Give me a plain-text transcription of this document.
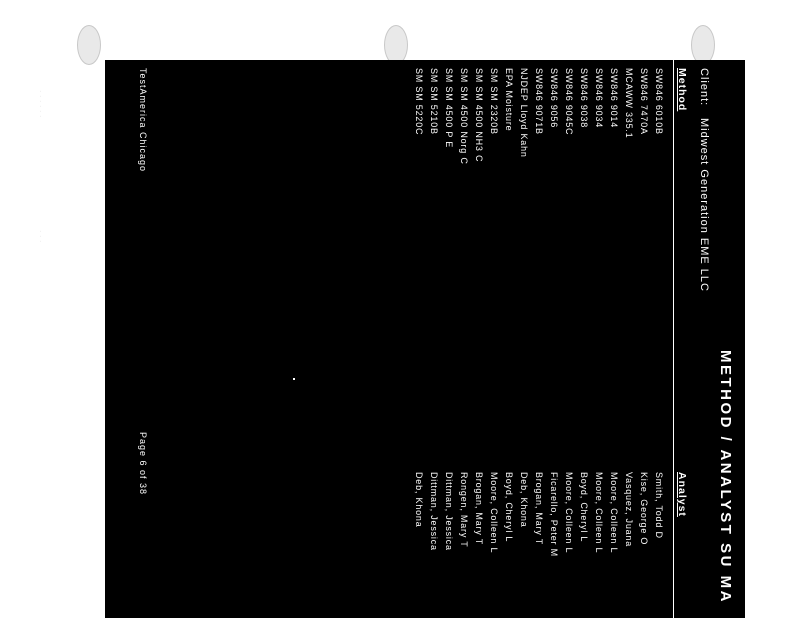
. . . . . .
. . .
METHOD / ANALYST SU MA
Client:
Midwest Generation EME LLC
Method
Analyst
SW846 6010B
Smith, Todd D
SW846 7470A
Kise, George O
MCAWW 335.1
Vasquez, Juana
SW846 9014
Moore, Colleen L
SW846 9034
Moore, Colleen L
SW846 9038
Boyd, Cheryl L
SW846 9045C
Moore, Colleen L
SW846 9056
Ficarello, Peter M
SW846 9071B
Brogan, Mary T
NJDEP Lloyd Kahn
Deb, Khona
EPA Moisture
Boyd, Cheryl L
SM SM 2320B
Moore, Colleen L
SM SM 4500 NH3 C
Brogan, Mary T
SM SM 4500 Norg C
Rongen, Mary T
SM SM 4500 P E
Dittman, Jessica
SM SM 5210B
Dittman, Jessica
SM SM 5220C
Deb, Khona
TestAmerica Chicago
Page 6 of 38
